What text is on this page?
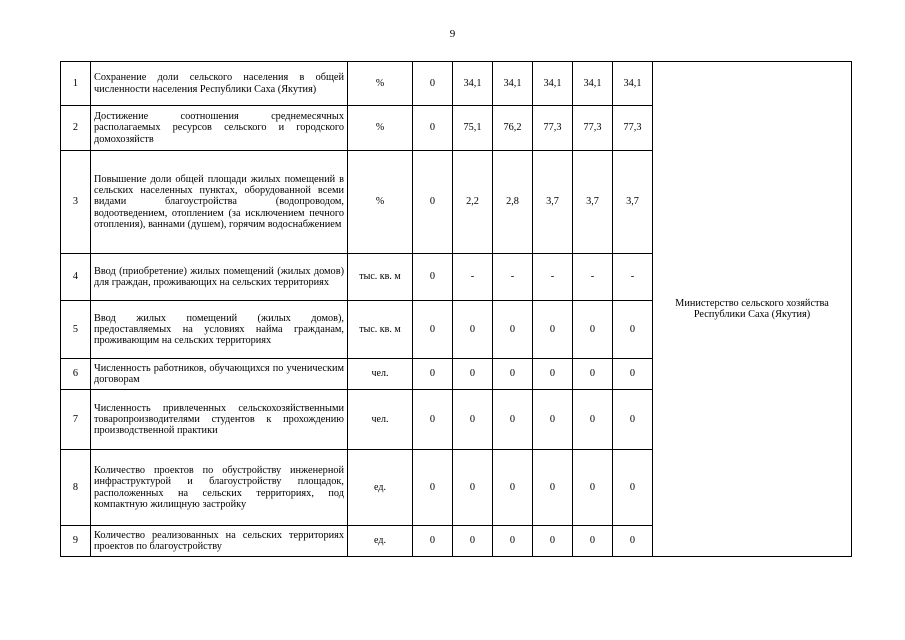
9
1	Сохранение доли сельского населения в общей численности населения Республики Саха (Якутия)	%	0	34,1	34,1	34,1	34,1	34,1	Министерство сельского хозяйства Республики Саха (Якутия)
2	Достижение соотношения среднемесячных располагаемых ресурсов сельского и городского домохозяйств	%	0	75,1	76,2	77,3	77,3	77,3	
3	Повышение доли общей площади жилых помещений в сельских населенных пунктах, оборудованной всеми видами благоустройства (водопроводом, водоотведением, отоплением (за исключением печного отопления), ваннами (душем), горячим водоснабжением	%	0	2,2	2,8	3,7	3,7	3,7	
4	Ввод (приобретение) жилых помещений (жилых домов) для граждан, проживающих на сельских территориях	тыс. кв. м	0	-	-	-	-	-	
5	Ввод жилых помещений (жилых домов), предоставляемых на условиях найма гражданам, проживающим на сельских территориях	тыс. кв. м	0	0	0	0	0	0	
6	Численность работников, обучающихся по ученическим договорам	чел.	0	0	0	0	0	0	
7	Численность привлеченных сельскохозяйственными товаропроизводителями студентов к прохождению производственной практики	чел.	0	0	0	0	0	0	
8	Количество проектов по обустройству инженерной инфраструктурой и благоустройству площадок, расположенных на сельских территориях, под компактную жилищную застройку	ед.	0	0	0	0	0	0	
9	Количество реализованных на сельских территориях проектов по благоустройству	ед.	0	0	0	0	0	0	
